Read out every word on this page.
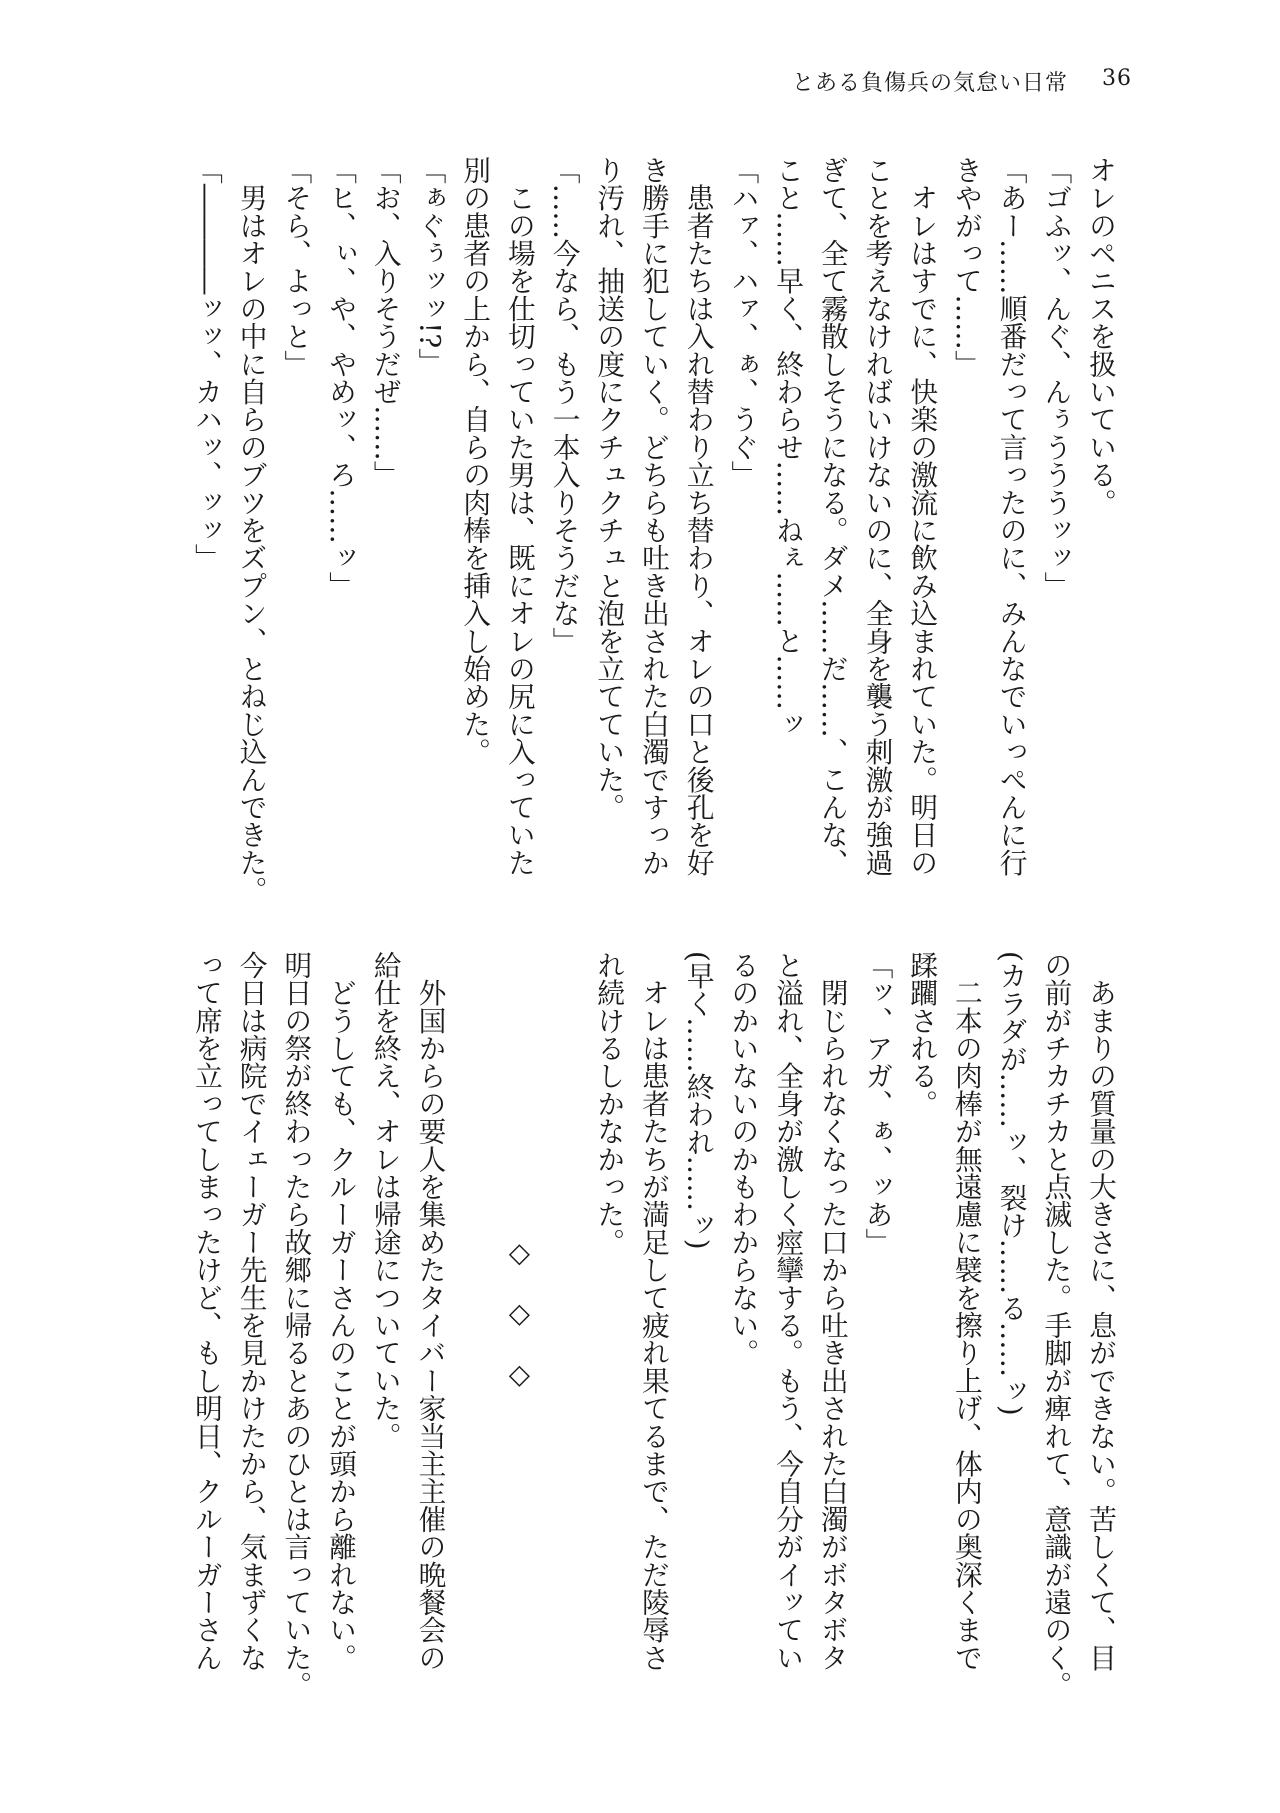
とある負傷兵の気怠い日常 36
オレのペニスを扱いている。
「ゴふッ、んぐ、んぅうううッッ」
「あー……順番だって言ったのに、みんなでいっぺんに行
きやがって……」
　オレはすでに、快楽の激流に飲み込まれていた。明日の
ことを考えなければいけないのに、全身を襲う刺激が強過
ぎて、全て霧散しそうになる。ダメ……だ……、こんな、
こと……早く、終わらせ……ねぇ……と……ッ
「ハァ、ハァ、ぁ、うぐ」
　患者たちは入れ替わり立ち替わり、オレの口と後孔を好
き勝手に犯していく。どちらも吐き出された白濁ですっか
り汚れ、抽送の度にクチュクチュと泡を立てていた。
「……今なら、もう一本入りそうだな」
　この場を仕切っていた男は、既にオレの尻に入っていた
別の患者の上から、自らの肉棒を挿入し始めた。
「ぁぐぅッッ!?」
「お、入りそうだぜ……」
「ヒ、ぃ、や、やめッ、ろ……ッ」
「そら、よっと」
　男はオレの中に自らのブツをズプン、とねじ込んできた。
「――――ッッ、カハッ、ッッ」
　あまりの質量の大きさに、息ができない。苦しくて、目
の前がチカチカと点滅した。手脚が痺れて、意識が遠のく。
(カラダが……ッ、裂け……る……ッ)
　二本の肉棒が無遠慮に襞を擦り上げ、体内の奥深くまで
蹂躙される。
「ッ、アガ、ぁ、ッあ」
　閉じられなくなった口から吐き出された白濁がボタボタ
と溢れ、全身が激しく痙攣する。もう、今自分がイッてい
るのかいないのかもわからない。
(早く……終われ……ッ)
　オレは患者たちが満足して疲れ果てるまで、ただ陵辱さ
れ続けるしかなかった。

◇　◇　◇

　外国からの要人を集めたタイバー家当主主催の晩餐会の
給仕を終え、オレは帰途についていた。
　どうしても、クルーガーさんのことが頭から離れない。
明日の祭が終わったら故郷に帰るとあのひとは言っていた。
今日は病院でイェーガー先生を見かけたから、気まずくな
って席を立ってしまったけど、もし明日、クルーガーさん
